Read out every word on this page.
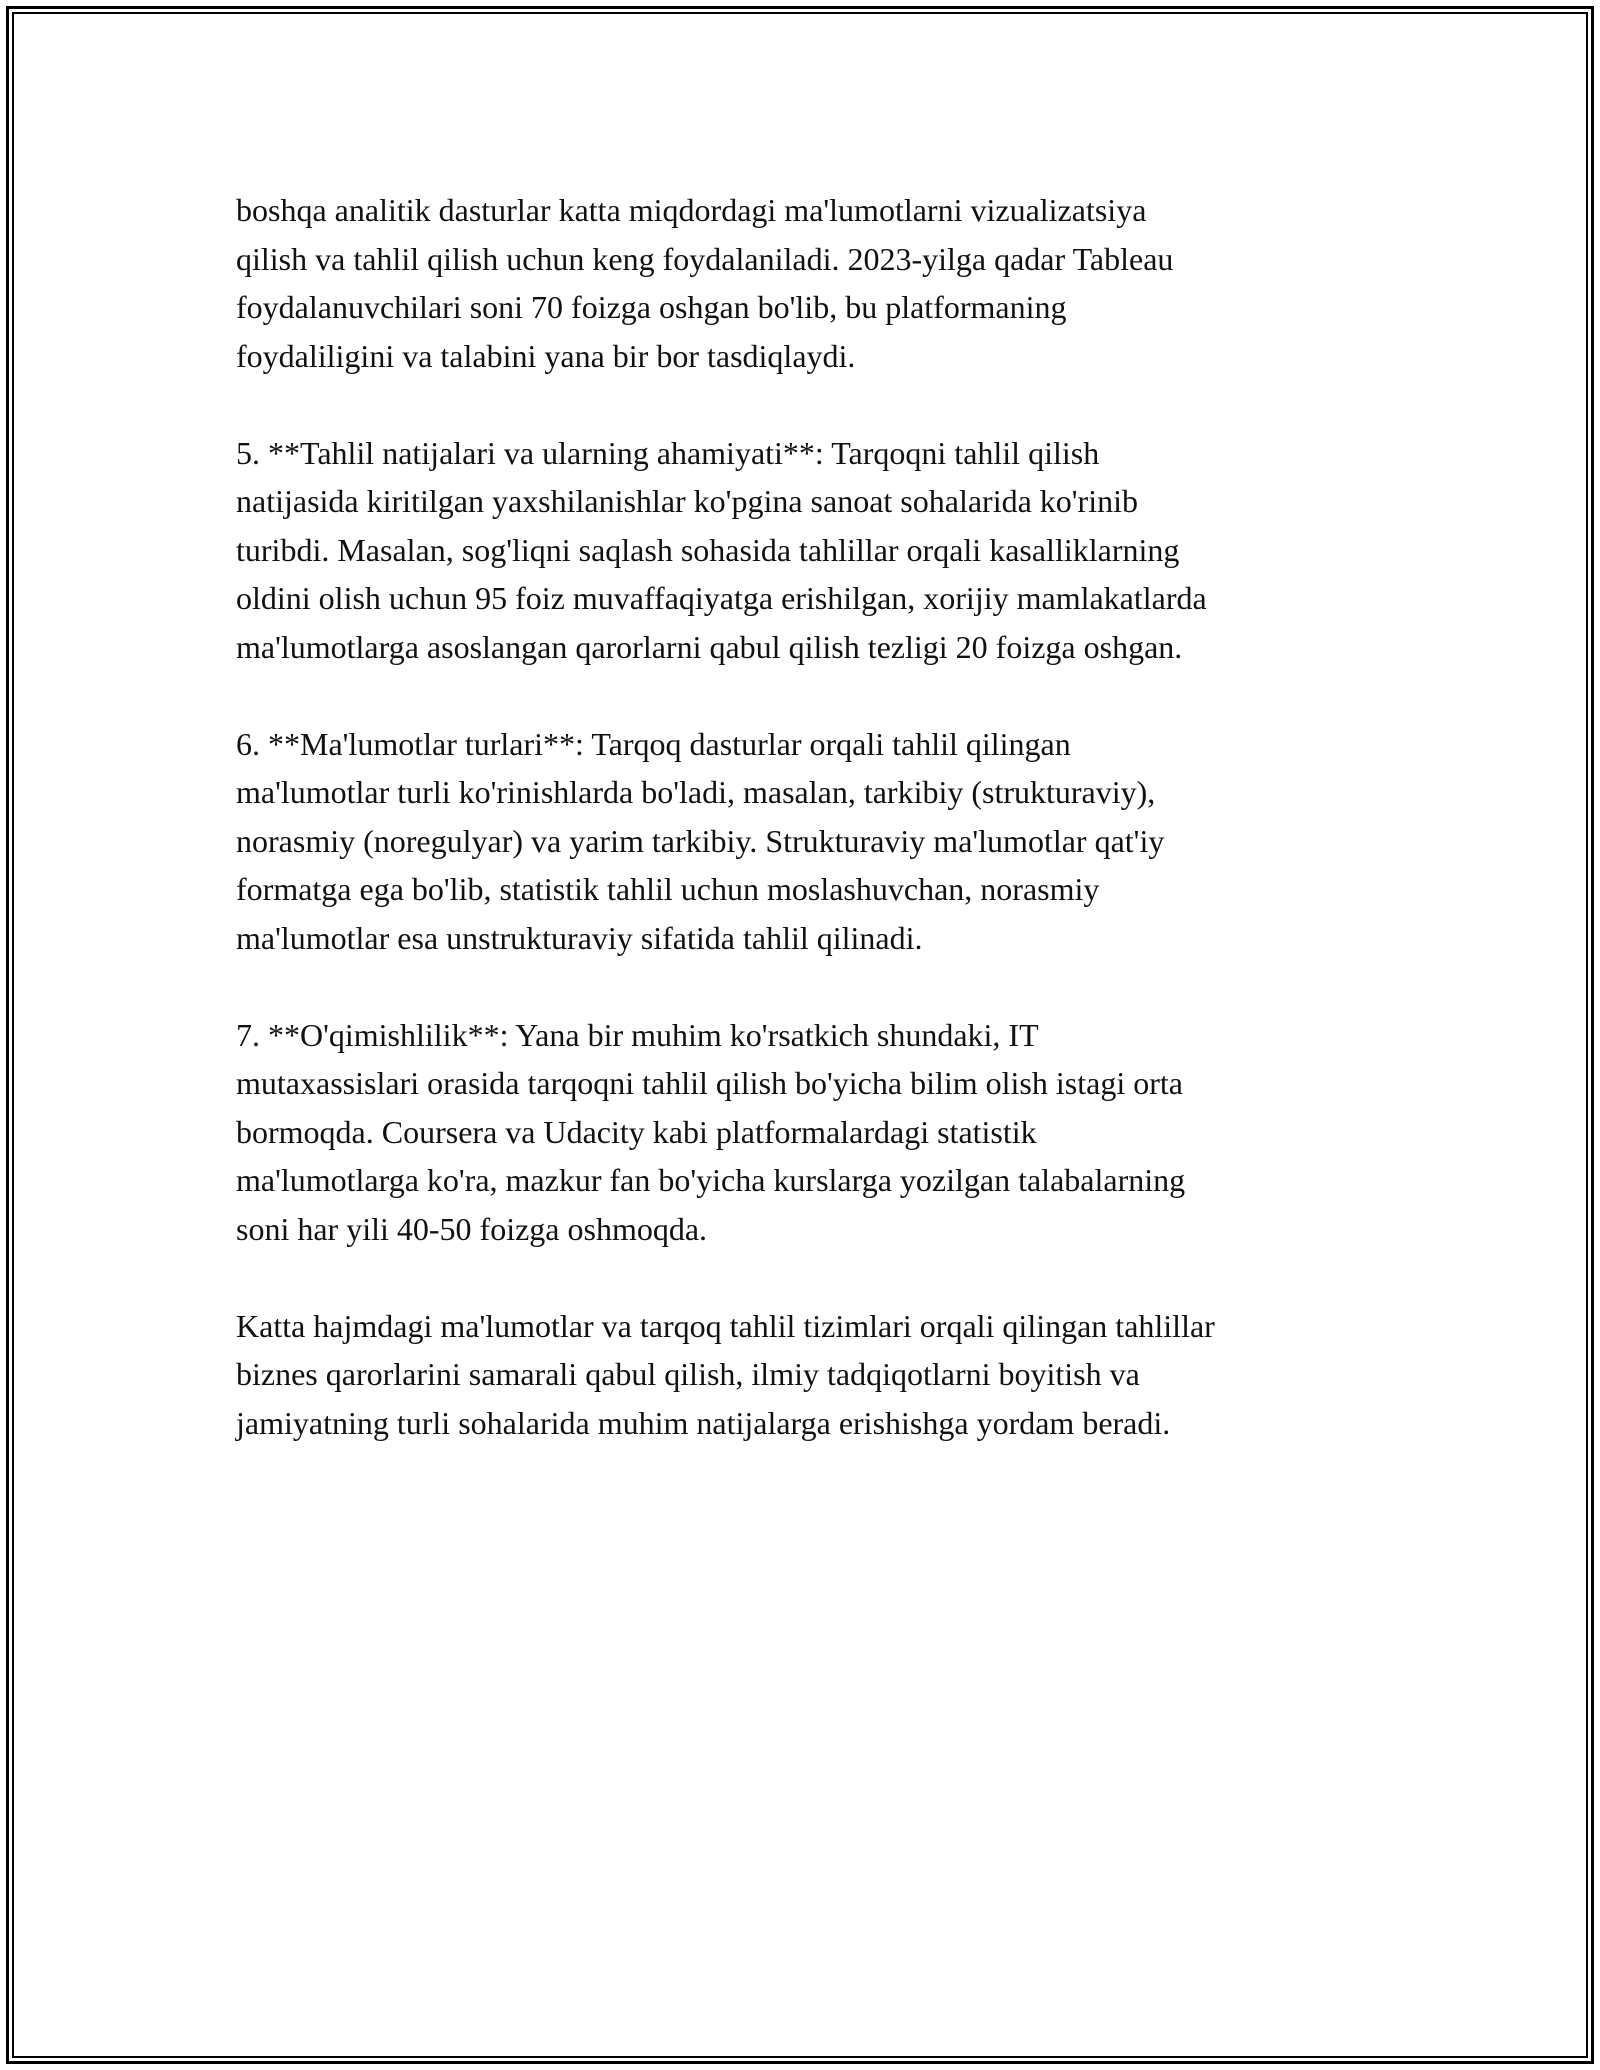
boshqa analitik dasturlar katta miqdordagi ma'lumotlarni vizualizatsiya
qilish va tahlil qilish uchun keng foydalaniladi. 2023-yilga qadar Tableau
foydalanuvchilari soni 70 foizga oshgan bo'lib, bu platformaning
foydaliligini va talabini yana bir bor tasdiqlaydi.

5. **Tahlil natijalari va ularning ahamiyati**: Tarqoqni tahlil qilish
natijasida kiritilgan yaxshilanishlar ko'pgina sanoat sohalarida ko'rinib
turibdi. Masalan, sog'liqni saqlash sohasida tahlillar orqali kasalliklarning
oldini olish uchun 95 foiz muvaffaqiyatga erishilgan, xorijiy mamlakatlarda
ma'lumotlarga asoslangan qarorlarni qabul qilish tezligi 20 foizga oshgan.

6. **Ma'lumotlar turlari**: Tarqoq dasturlar orqali tahlil qilingan
ma'lumotlar turli ko'rinishlarda bo'ladi, masalan, tarkibiy (strukturaviy),
norasmiy (noregulyar) va yarim tarkibiy. Strukturaviy ma'lumotlar qat'iy
formatga ega bo'lib, statistik tahlil uchun moslashuvchan, norasmiy
ma'lumotlar esa unstrukturaviy sifatida tahlil qilinadi.

7. **O'qimishlilik**: Yana bir muhim ko'rsatkich shundaki, IT
mutaxassislari orasida tarqoqni tahlil qilish bo'yicha bilim olish istagi orta
bormoqda. Coursera va Udacity kabi platformalardagi statistik
ma'lumotlarga ko'ra, mazkur fan bo'yicha kurslarga yozilgan talabalarning
soni har yili 40-50 foizga oshmoqda.

Katta hajmdagi ma'lumotlar va tarqoq tahlil tizimlari orqali qilingan tahlillar
biznes qarorlarini samarali qabul qilish, ilmiy tadqiqotlarni boyitish va
jamiyatning turli sohalarida muhim natijalarga erishishga yordam beradi.
